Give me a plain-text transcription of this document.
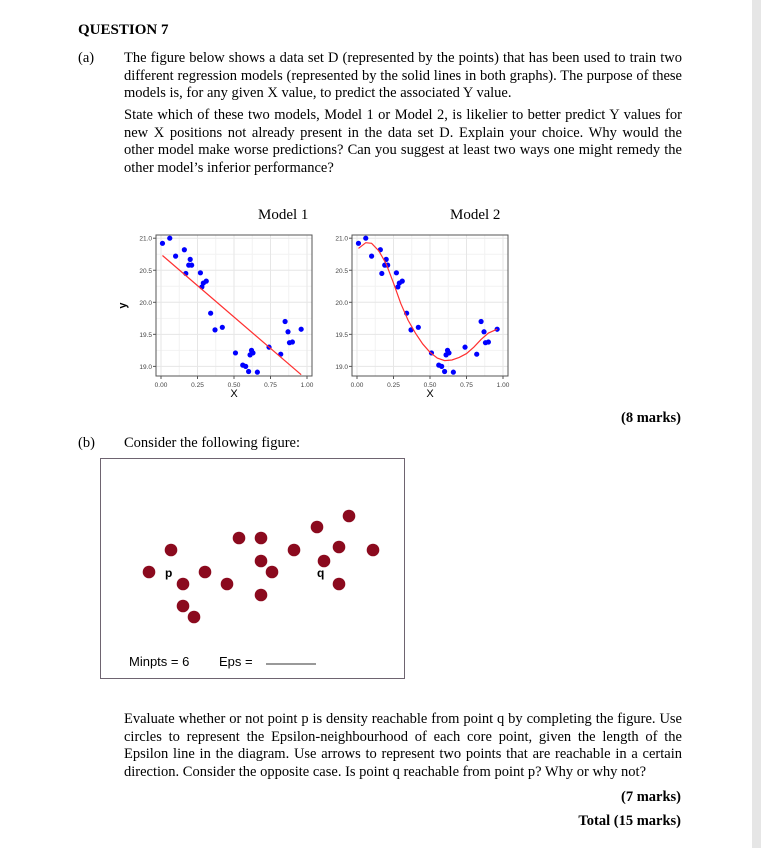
QUESTION 7
(a) The figure below shows a data set D (represented by the points) that has been used to train two different regression models (represented by the solid lines in both graphs). The purpose of these models is, for any given X value, to predict the associated Y value.
State which of these two models, Model 1 or Model 2, is likelier to better predict Y values for new X positions not already present in the data set D. Explain your choice. Why would the other model make worse predictions? Can you suggest at least two ways one might remedy the other model’s inferior performance?
Model 1	Model 2
0.00	0.25	0.50	0.75	1.00
19.0
19.5
20.0
20.5
21.0
X
y
0.00	0.25	0.50	0.75	1.00
19.0
19.5
20.0
20.5
21.0
X
(8 marks)
(b) Consider the following figure:
p	q
Minpts = 6 Eps =
Evaluate whether or not point p is density reachable from point q by completing the figure. Use circles to represent the Epsilon-neighbourhood of each core point, given the length of the Epsilon line in the diagram. Use arrows to represent two points that are reachable in a certain direction. Consider the opposite case. Is point q reachable from point p? Why or why not?
(7 marks)
Total (15 marks)
